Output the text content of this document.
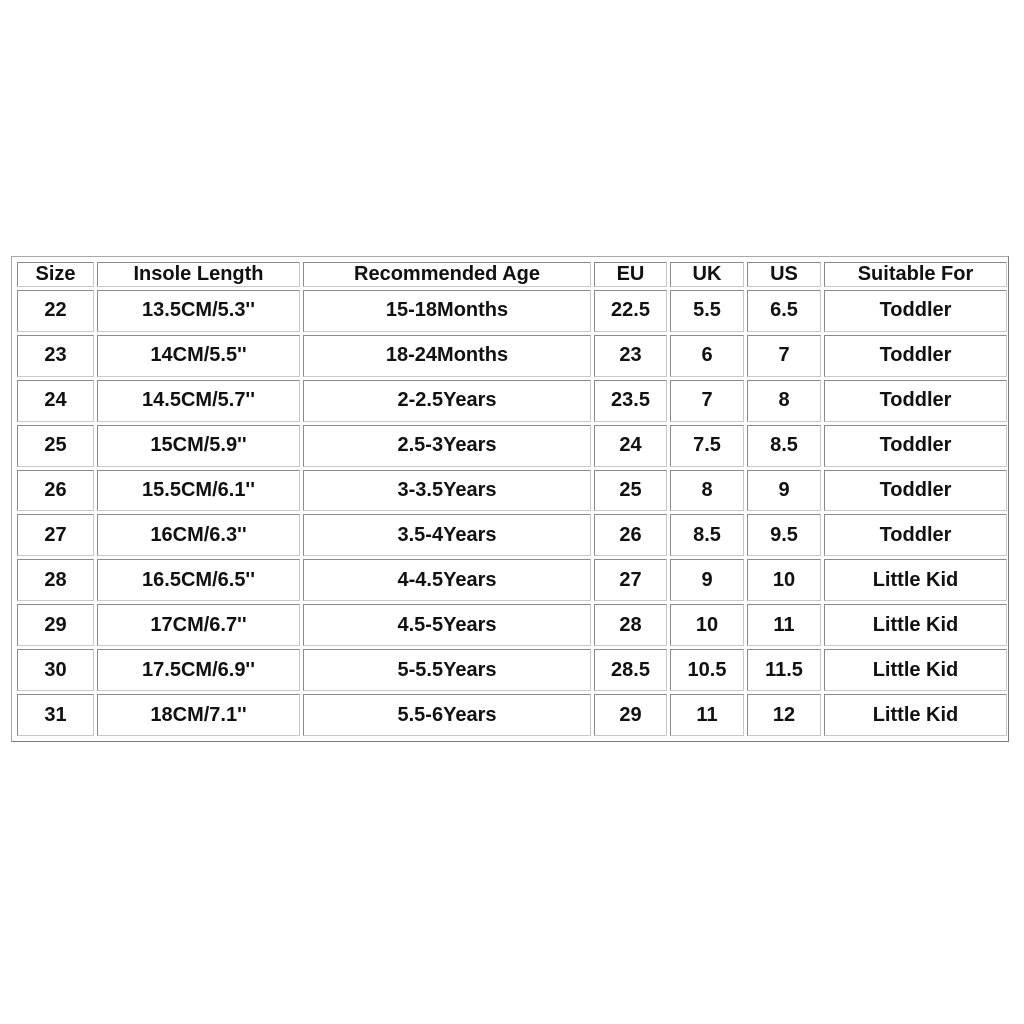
Size	Insole Length	Recommended Age	EU	UK	US	Suitable For
22	13.5CM/5.3''	15-18Months	22.5	5.5	6.5	Toddler
23	14CM/5.5''	18-24Months	23	6	7	Toddler
24	14.5CM/5.7''	2-2.5Years	23.5	7	8	Toddler
25	15CM/5.9''	2.5-3Years	24	7.5	8.5	Toddler
26	15.5CM/6.1''	3-3.5Years	25	8	9	Toddler
27	16CM/6.3''	3.5-4Years	26	8.5	9.5	Toddler
28	16.5CM/6.5''	4-4.5Years	27	9	10	Little Kid
29	17CM/6.7''	4.5-5Years	28	10	11	Little Kid
30	17.5CM/6.9''	5-5.5Years	28.5	10.5	11.5	Little Kid
31	18CM/7.1''	5.5-6Years	29	11	12	Little Kid
